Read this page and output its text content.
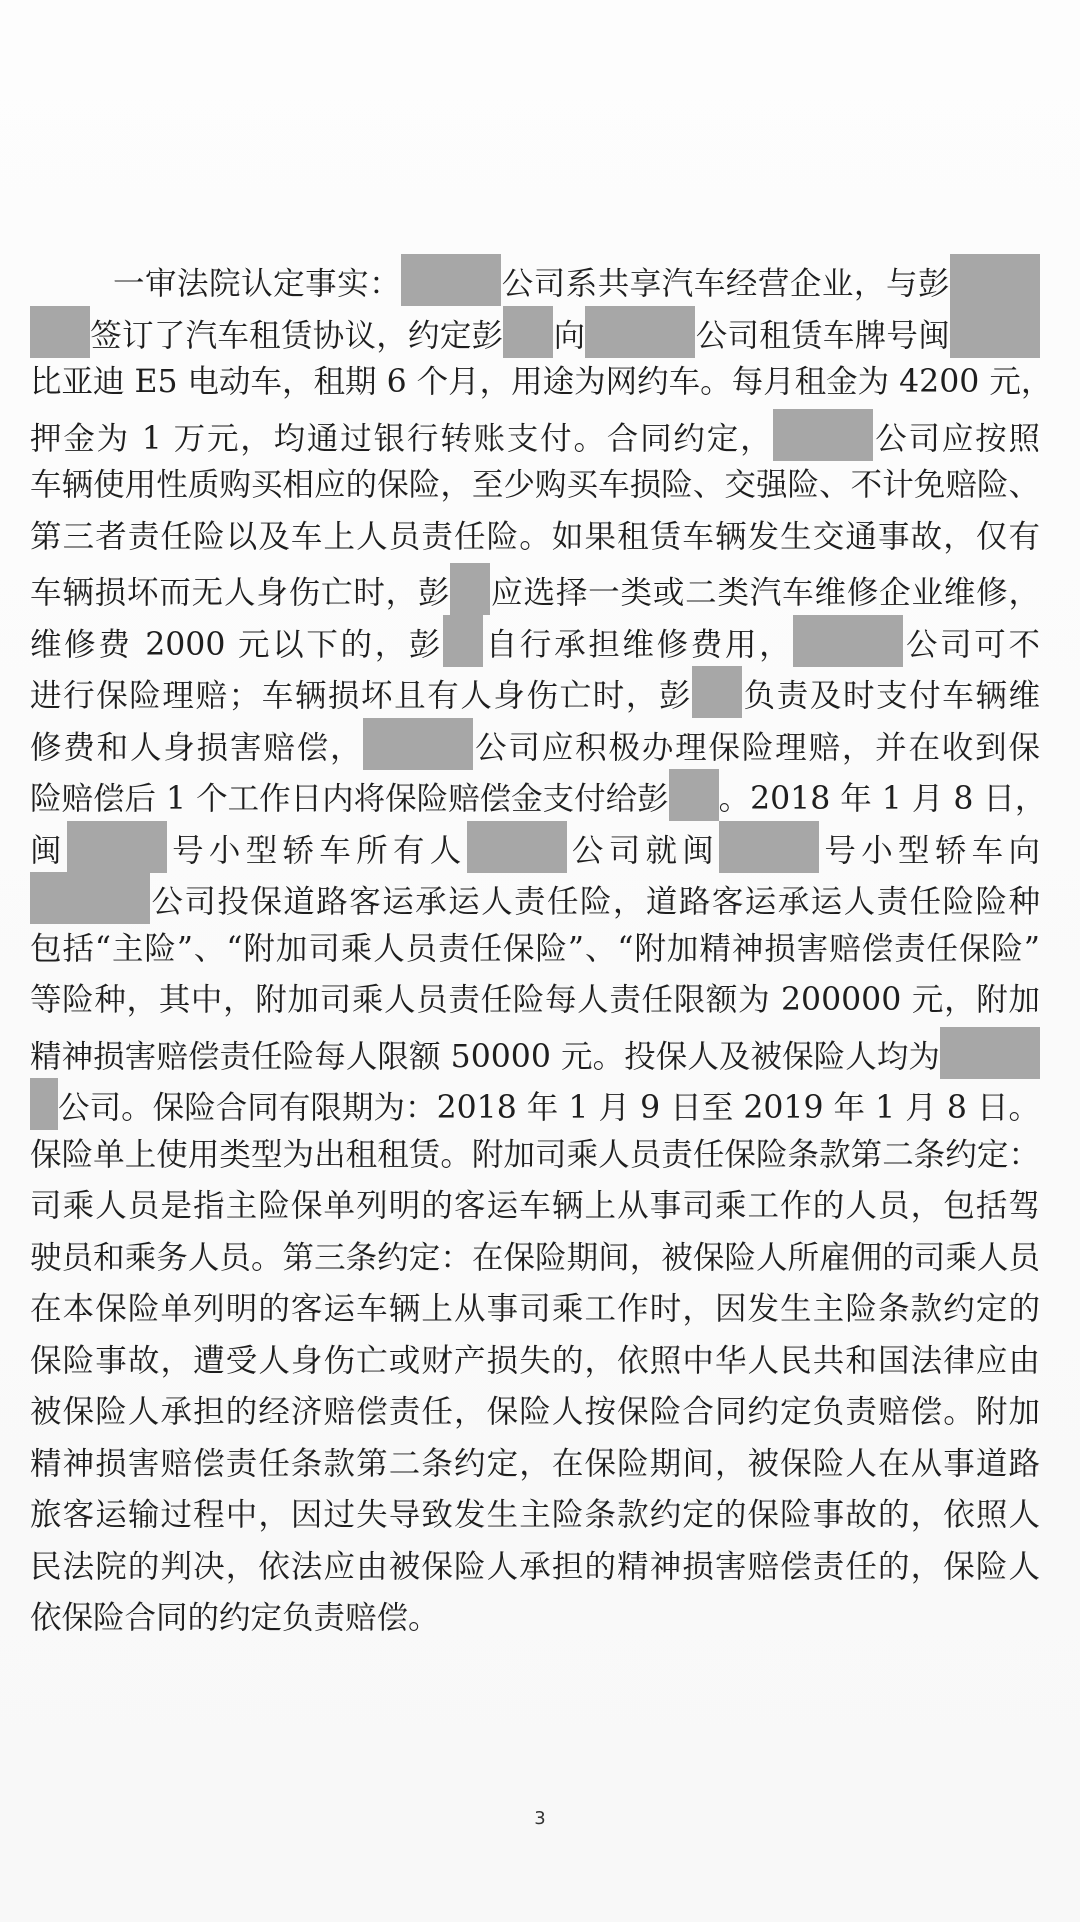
一审法院认定事实：	公司系共享汽车经营企业，与彭
签订了汽车租赁协议，约定彭 向	公司租赁车牌号闽
比亚迪 E5 电动车，租期 6 个月，用途为网约车。每月租金为 4200 元，
押金为 1 万元，均通过银行转账支付。合同约定，	公司应按照
车辆使用性质购买相应的保险，至少购买车损险、交强险、不计免赔险、
第三者责任险以及车上人员责任险。如果租赁车辆发生交通事故，仅有
车辆损坏而无人身伤亡时，彭 应选择一类或二类汽车维修企业维修，
维修费 2000 元以下的，彭 自行承担维修费用，	公司可不
进行保险理赔；车辆损坏且有人身伤亡时，彭 负责及时支付车辆维
修费和人身损害赔偿，	公司应积极办理保险理赔，并在收到保
险赔偿后 1 个工作日内将保险赔偿金支付给彭 。2018 年 1 月 8 日，
闽	号小型轿车所有人	公司就闽	号小型轿车向
公司投保道路客运承运人责任险，道路客运承运人责任险险种
包括“主险”、“附加司乘人员责任保险”、“附加精神损害赔偿责任保险”
等险种，其中，附加司乘人员责任险每人责任限额为 200000 元，附加
精神损害赔偿责任险每人限额 50000 元。投保人及被保险人均为
公司。保险合同有限期为：2018 年 1 月 9 日至 2019 年 1 月 8 日。
保险单上使用类型为出租租赁。附加司乘人员责任保险条款第二条约定：
司乘人员是指主险保单列明的客运车辆上从事司乘工作的人员，包括驾
驶员和乘务人员。第三条约定：在保险期间，被保险人所雇佣的司乘人员
在本保险单列明的客运车辆上从事司乘工作时，因发生主险条款约定的
保险事故，遭受人身伤亡或财产损失的，依照中华人民共和国法律应由
被保险人承担的经济赔偿责任，保险人按保险合同约定负责赔偿。附加
精神损害赔偿责任条款第二条约定，在保险期间，被保险人在从事道路
旅客运输过程中，因过失导致发生主险条款约定的保险事故的，依照人
民法院的判决，依法应由被保险人承担的精神损害赔偿责任的，保险人
依保险合同的约定负责赔偿。
3
